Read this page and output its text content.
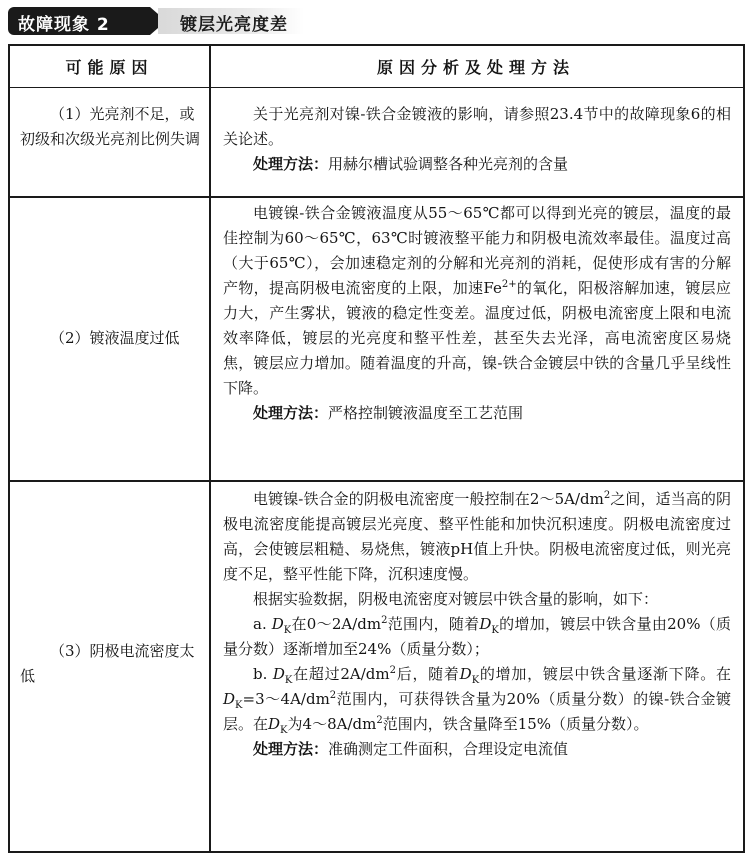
故障现象 2	镀层光亮度差
可能原因	原因分析及处理方法

（1）光亮剂不足，或初级和次级光亮剂比例失调

关于光亮剂对镍-铁合金镀液的影响，请参照23.4节中的故障现象6的相关论述。

处理方法：用赫尔槽试验调整各种光亮剂的含量

（2）镀液温度过低

电镀镍-铁合金镀液温度从55～65℃都可以得到光亮的镀层，温度的最佳控制为60～65℃，63℃时镀液整平能力和阴极电流效率最佳。温度过高（大于65℃），会加速稳定剂的分解和光亮剂的消耗，促使形成有害的分解产物，提高阴极电流密度的上限，加速$Fe^{2+}$的氧化，阳极溶解加速，镀层应力大，产生雾状，镀液的稳定性变差。温度过低，阴极电流密度上限和电流效率降低，镀层的光亮度和整平性差，甚至失去光泽，高电流密度区易烧焦，镀层应力增加。随着温度的升高，镍-铁合金镀层中铁的含量几乎呈线性下降。

处理方法：严格控制镀液温度至工艺范围

（3）阴极电流密度太低

电镀镍-铁合金的阴极电流密度一般控制在$2\sim 5A/dm^2$之间，适当高的阴极电流密度能提高镀层光亮度、整平性能和加快沉积速度。阴极电流密度过高，会使镀层粗糙、易烧焦，镀液pH值上升快。阴极电流密度过低，则光亮度不足，整平性能下降，沉积速度慢。

根据实验数据，阴极电流密度对镀层中铁含量的影响，如下：

a. $D_K$在$0\sim 2A/dm^2$范围内，随着$D_K$的增加，镀层中铁含量由20%（质量分数）逐渐增加至24%（质量分数）；

b. $D_K$在超过$2A/dm^2$后，随着$D_K$的增加，镀层中铁含量逐渐下降。在$D_K=3\sim 4A/dm^2$范围内，可获得铁含量为20%（质量分数）的镍-铁合金镀层。在$D_K$为$4\sim 8A/dm^2$范围内，铁含量降至15%（质量分数）。

处理方法：准确测定工件面积，合理设定电流值
